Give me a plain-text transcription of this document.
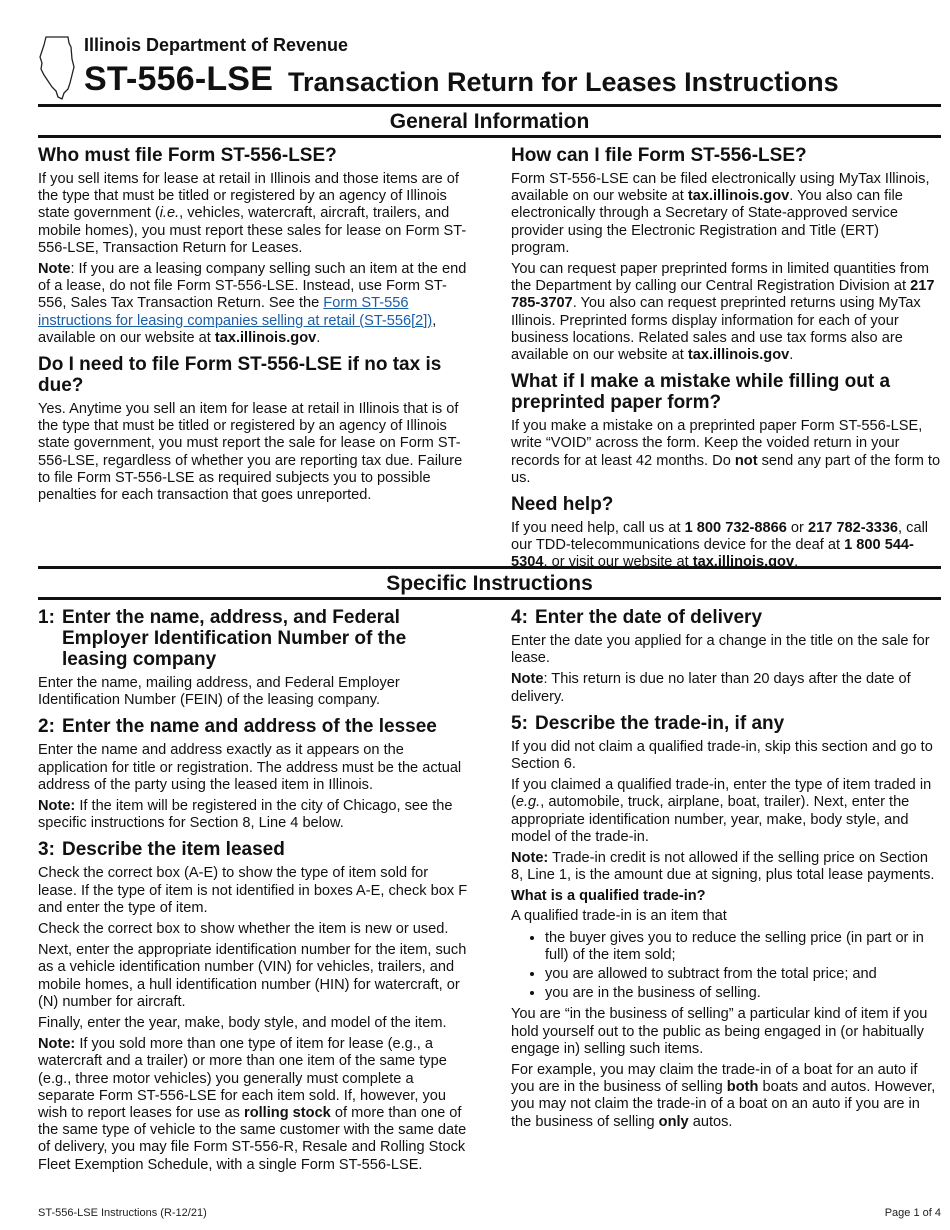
Illinois Department of Revenue
ST-556-LSE Transaction Return for Leases Instructions
General Information
Who must file Form ST-556-LSE?

If you sell items for lease at retail in Illinois and those items are of the type that must be titled or registered by an agency of Illinois state government (i.e., vehicles, watercraft, aircraft, trailers, and mobile homes), you must report these sales for lease on Form ST-556-LSE, Transaction Return for Leases.

Note: If you are a leasing company selling such an item at the end of a lease, do not file Form ST-556-LSE. Instead, use Form ST-556, Sales Tax Transaction Return. See the Form ST-556 instructions for leasing companies selling at retail (ST-556[2]), available on our website at tax.illinois.gov.

Do I need to file Form ST-556-LSE if no tax is due?

Yes. Anytime you sell an item for lease at retail in Illinois that is of the type that must be titled or registered by an agency of Illinois state government, you must report the sale for lease on Form ST-556-LSE, regardless of whether you are reporting tax due. Failure to file Form ST-556-LSE as required subjects you to possible penalties for each transaction that goes unreported.

How can I file Form ST-556-LSE?

Form ST-556-LSE can be filed electronically using MyTax Illinois, available on our website at tax.illinois.gov. You also can file electronically through a Secretary of State-approved service provider using the Electronic Registration and Title (ERT) program.

You can request paper preprinted forms in limited quantities from the Department by calling our Central Registration Division at 217 785-3707. You also can request preprinted returns using MyTax Illinois. Preprinted forms display information for each of your business locations. Related sales and use tax forms also are available on our website at tax.illinois.gov.

What if I make a mistake while filling out a preprinted paper form?

If you make a mistake on a preprinted paper Form ST-556-LSE, write “VOID” across the form. Keep the voided return in your records for at least 42 months. Do not send any part of the form to us.

Need help?

If you need help, call us at 1 800 732-8866 or 217 782-3336, call our TDD-telecommunications device for the deaf at 1 800 544-5304, or visit our website at tax.illinois.gov.

Specific Instructions
1: Enter the name, address, and Federal Employer Identification Number of the leasing company

Enter the name, mailing address, and Federal Employer Identification Number (FEIN) of the leasing company.

2: Enter the name and address of the lessee

Enter the name and address exactly as it appears on the application for title or registration. The address must be the actual address of the party using the leased item in Illinois.

Note: If the item will be registered in the city of Chicago, see the specific instructions for Section 8, Line 4 below.

3: Describe the item leased

Check the correct box (A-E) to show the type of item sold for lease. If the type of item is not identified in boxes A-E, check box F and enter the type of item.

Check the correct box to show whether the item is new or used.

Next, enter the appropriate identification number for the item, such as a vehicle identification number (VIN) for vehicles, trailers, and mobile homes, a hull identification number (HIN) for watercraft, or (N) number for aircraft.

Finally, enter the year, make, body style, and model of the item.

Note: If you sold more than one type of item for lease (e.g., a watercraft and a trailer) or more than one item of the same type (e.g., three motor vehicles) you generally must complete a separate Form ST-556-LSE for each item sold. If, however, you wish to report leases for use as rolling stock of more than one of the same type of vehicle to the same customer with the same date of delivery, you may file Form ST-556-R, Resale and Rolling Stock Fleet Exemption Schedule, with a single Form ST-556-LSE.

4: Enter the date of delivery

Enter the date you applied for a change in the title on the sale for lease.

Note: This return is due no later than 20 days after the date of delivery.

5: Describe the trade-in, if any

If you did not claim a qualified trade-in, skip this section and go to Section 6.

If you claimed a qualified trade-in, enter the type of item traded in (e.g., automobile, truck, airplane, boat, trailer). Next, enter the appropriate identification number, year, make, body style, and model of the trade-in.

Note: Trade-in credit is not allowed if the selling price on Section 8, Line 1, is the amount due at signing, plus total lease payments.

What is a qualified trade-in?

A qualified trade-in is an item that

• the buyer gives you to reduce the selling price (in part or in full) of the item sold;
• you are allowed to subtract from the total price; and
• you are in the business of selling.

You are “in the business of selling” a particular kind of item if you hold yourself out to the public as being engaged in (or habitually engage in) selling such items.

For example, you may claim the trade-in of a boat for an auto if you are in the business of selling both boats and autos. However, you may not claim the trade-in of a boat on an auto if you are in the business of selling only autos.

ST-556-LSE Instructions (R-12/21)	Page 1 of 4
